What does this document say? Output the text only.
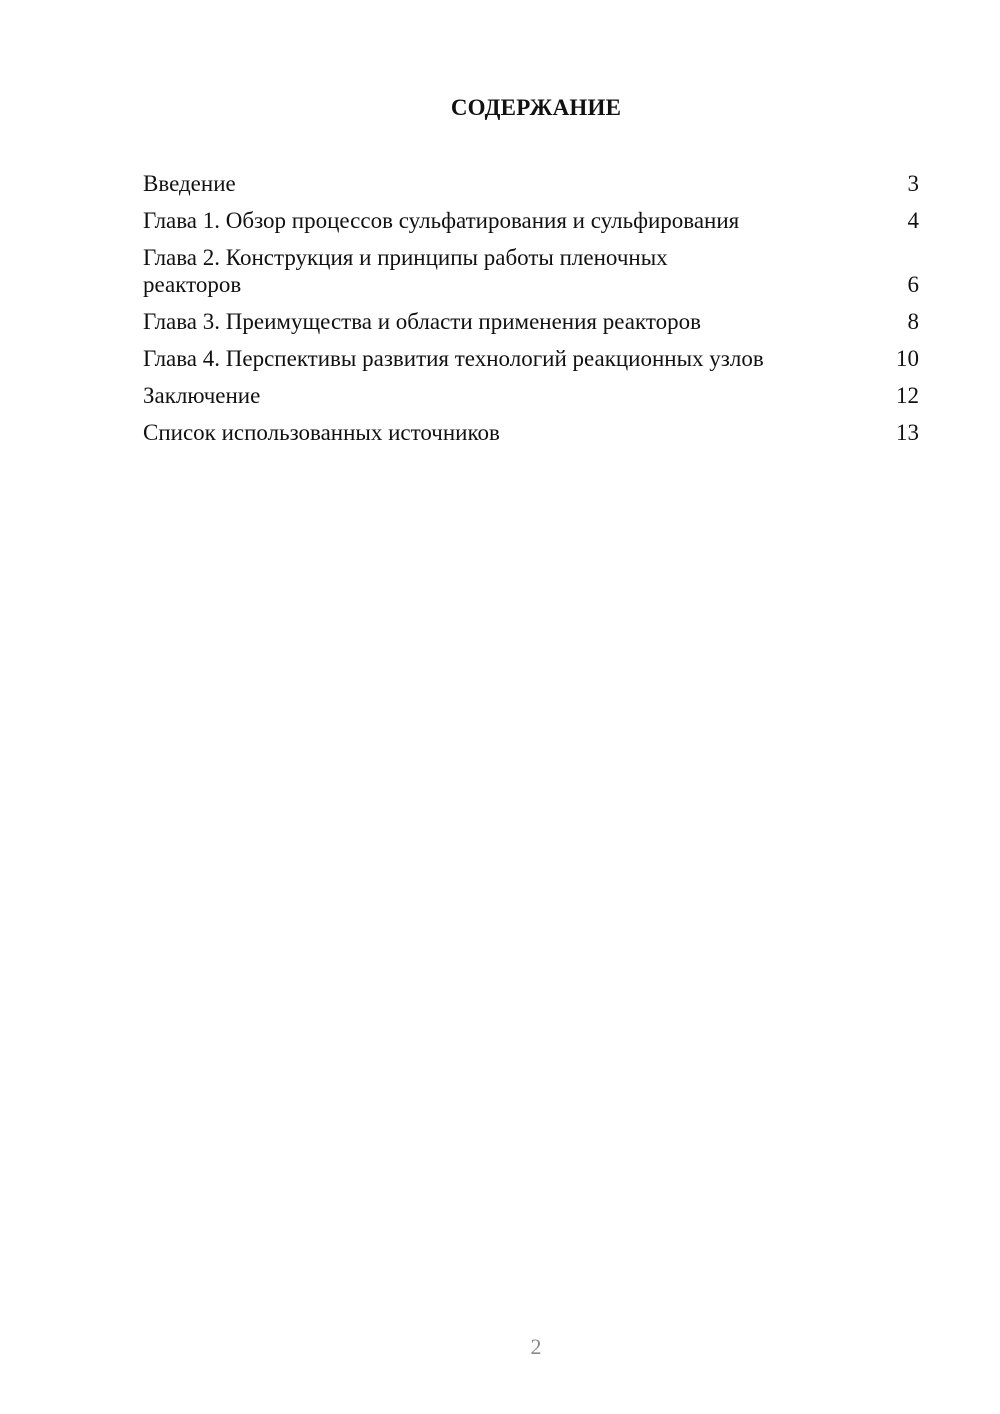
СОДЕРЖАНИЕ
Введение	3
Глава 1. Обзор процессов сульфатирования и сульфирования	4
Глава 2. Конструкция и принципы работы пленочных реакторов	6
Глава 3. Преимущества и области применения реакторов	8
Глава 4. Перспективы развития технологий реакционных узлов	10
Заключение	12
Список использованных источников	13
2
